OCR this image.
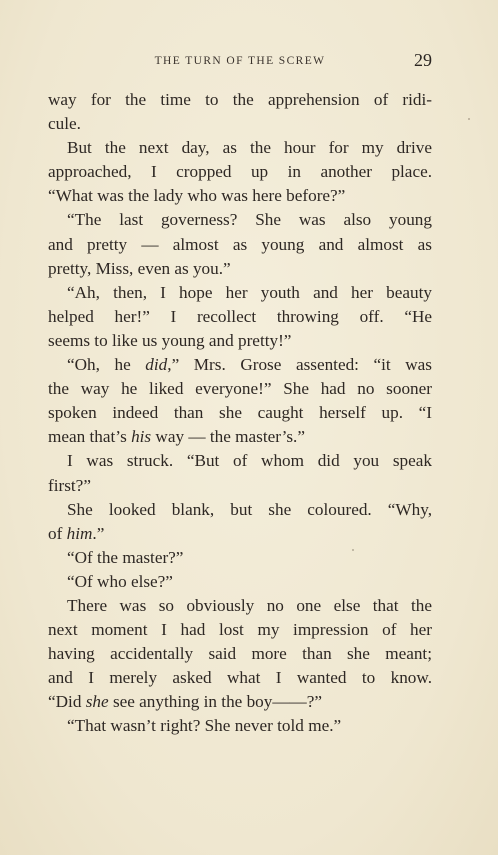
THE TURN OF THE SCREW	29
way for the time to the apprehension of ridi-
cule.
But the next day, as the hour for my drive
approached, I cropped up in another place.
“What was the lady who was here before?”
“The last governess? She was also young
and pretty — almost as young and almost as
pretty, Miss, even as you.”
“Ah, then, I hope her youth and her beauty
helped her!” I recollect throwing off. “He
seems to like us young and pretty!”
“Oh, he did,” Mrs. Grose assented: “it was
the way he liked everyone!” She had no sooner
spoken indeed than she caught herself up. “I
mean that’s his way — the master’s.”
I was struck. “But of whom did you speak
first?”
She looked blank, but she coloured. “Why,
of him.”
“Of the master?”
“Of who else?”
There was so obviously no one else that the
next moment I had lost my impression of her
having accidentally said more than she meant;
and I merely asked what I wanted to know.
“Did she see anything in the boy——?”
“That wasn’t right? She never told me.”
